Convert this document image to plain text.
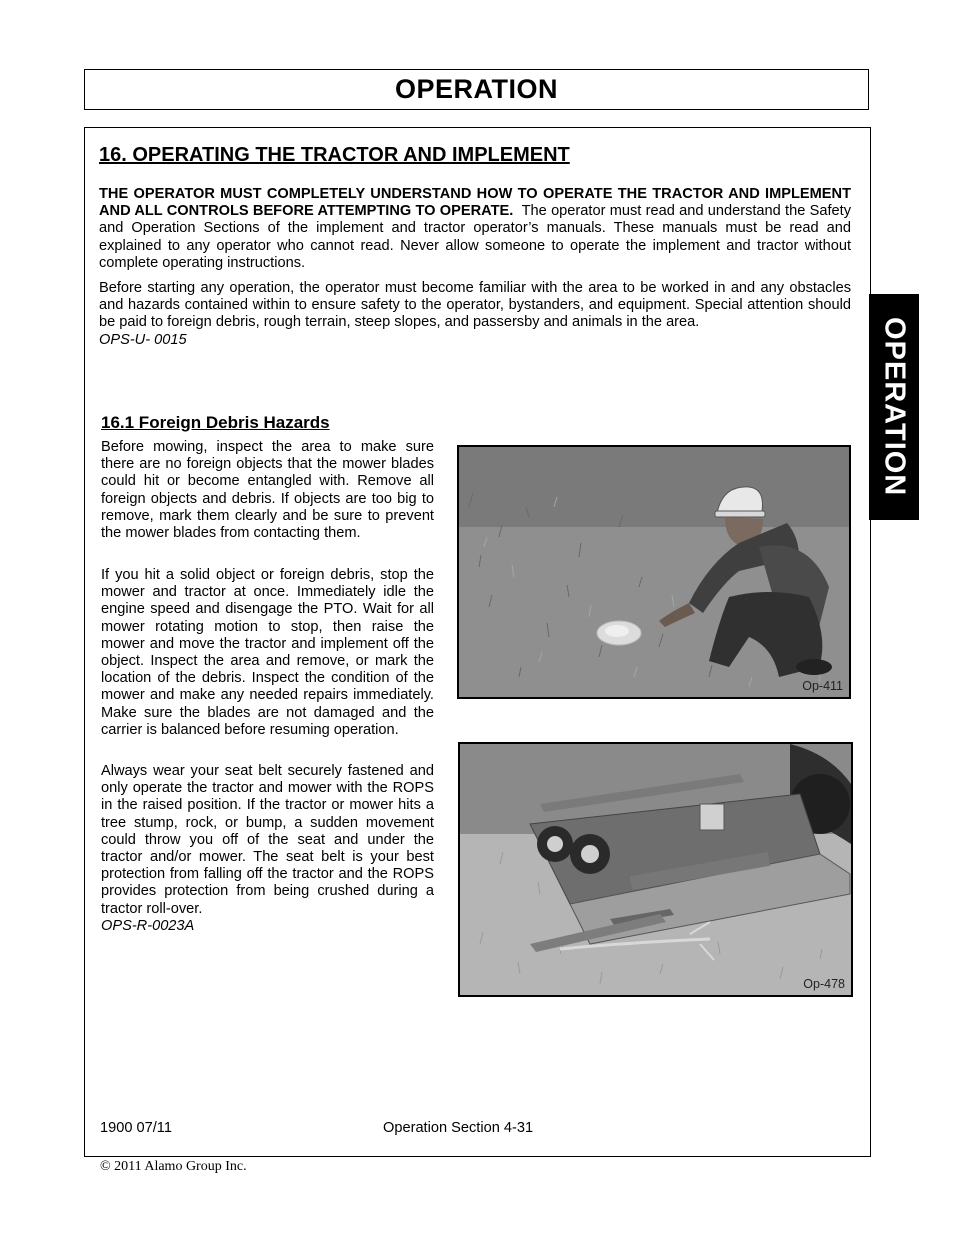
OPERATION
OPERATION
16. OPERATING THE TRACTOR AND IMPLEMENT

THE OPERATOR MUST COMPLETELY UNDERSTAND HOW TO OPERATE THE TRACTOR AND IMPLEMENT AND ALL CONTROLS BEFORE ATTEMPTING TO OPERATE. The operator must read and understand the Safety and Operation Sections of the implement and tractor operator’s manuals. These manuals must be read and explained to any operator who cannot read. Never allow someone to operate the implement and tractor without complete operating instructions.

Before starting any operation, the operator must become familiar with the area to be worked in and any obstacles and hazards contained within to ensure safety to the operator, bystanders, and equipment. Special attention should be paid to foreign debris, rough terrain, steep slopes, and passersby and animals in the area.
OPS-U- 0015

16.1 Foreign Debris Hazards

Before mowing, inspect the area to make sure there are no foreign objects that the mower blades could hit or become entangled with. Remove all foreign objects and debris. If objects are too big to remove, mark them clearly and be sure to prevent the mower blades from contacting them.

If you hit a solid object or foreign debris, stop the mower and tractor at once. Immediately idle the engine speed and disengage the PTO. Wait for all mower rotating motion to stop, then raise the mower and move the tractor and implement off the object. Inspect the area and remove, or mark the location of the debris. Inspect the condition of the mower and make any needed repairs immediately. Make sure the blades are not damaged and the carrier is balanced before resuming operation.

Always wear your seat belt securely fastened and only operate the tractor and mower with the ROPS in the raised position. If the tractor or mower hits a tree stump, rock, or bump, a sudden movement could throw you off of the seat and under the tractor and/or mower. The seat belt is your best protection from falling off the tractor and the ROPS provides protection from being crushed during a tractor roll-over.
OPS-R-0023A

Op-411
Op-478
1900 07/11	Operation Section 4-31
© 2011 Alamo Group Inc.
